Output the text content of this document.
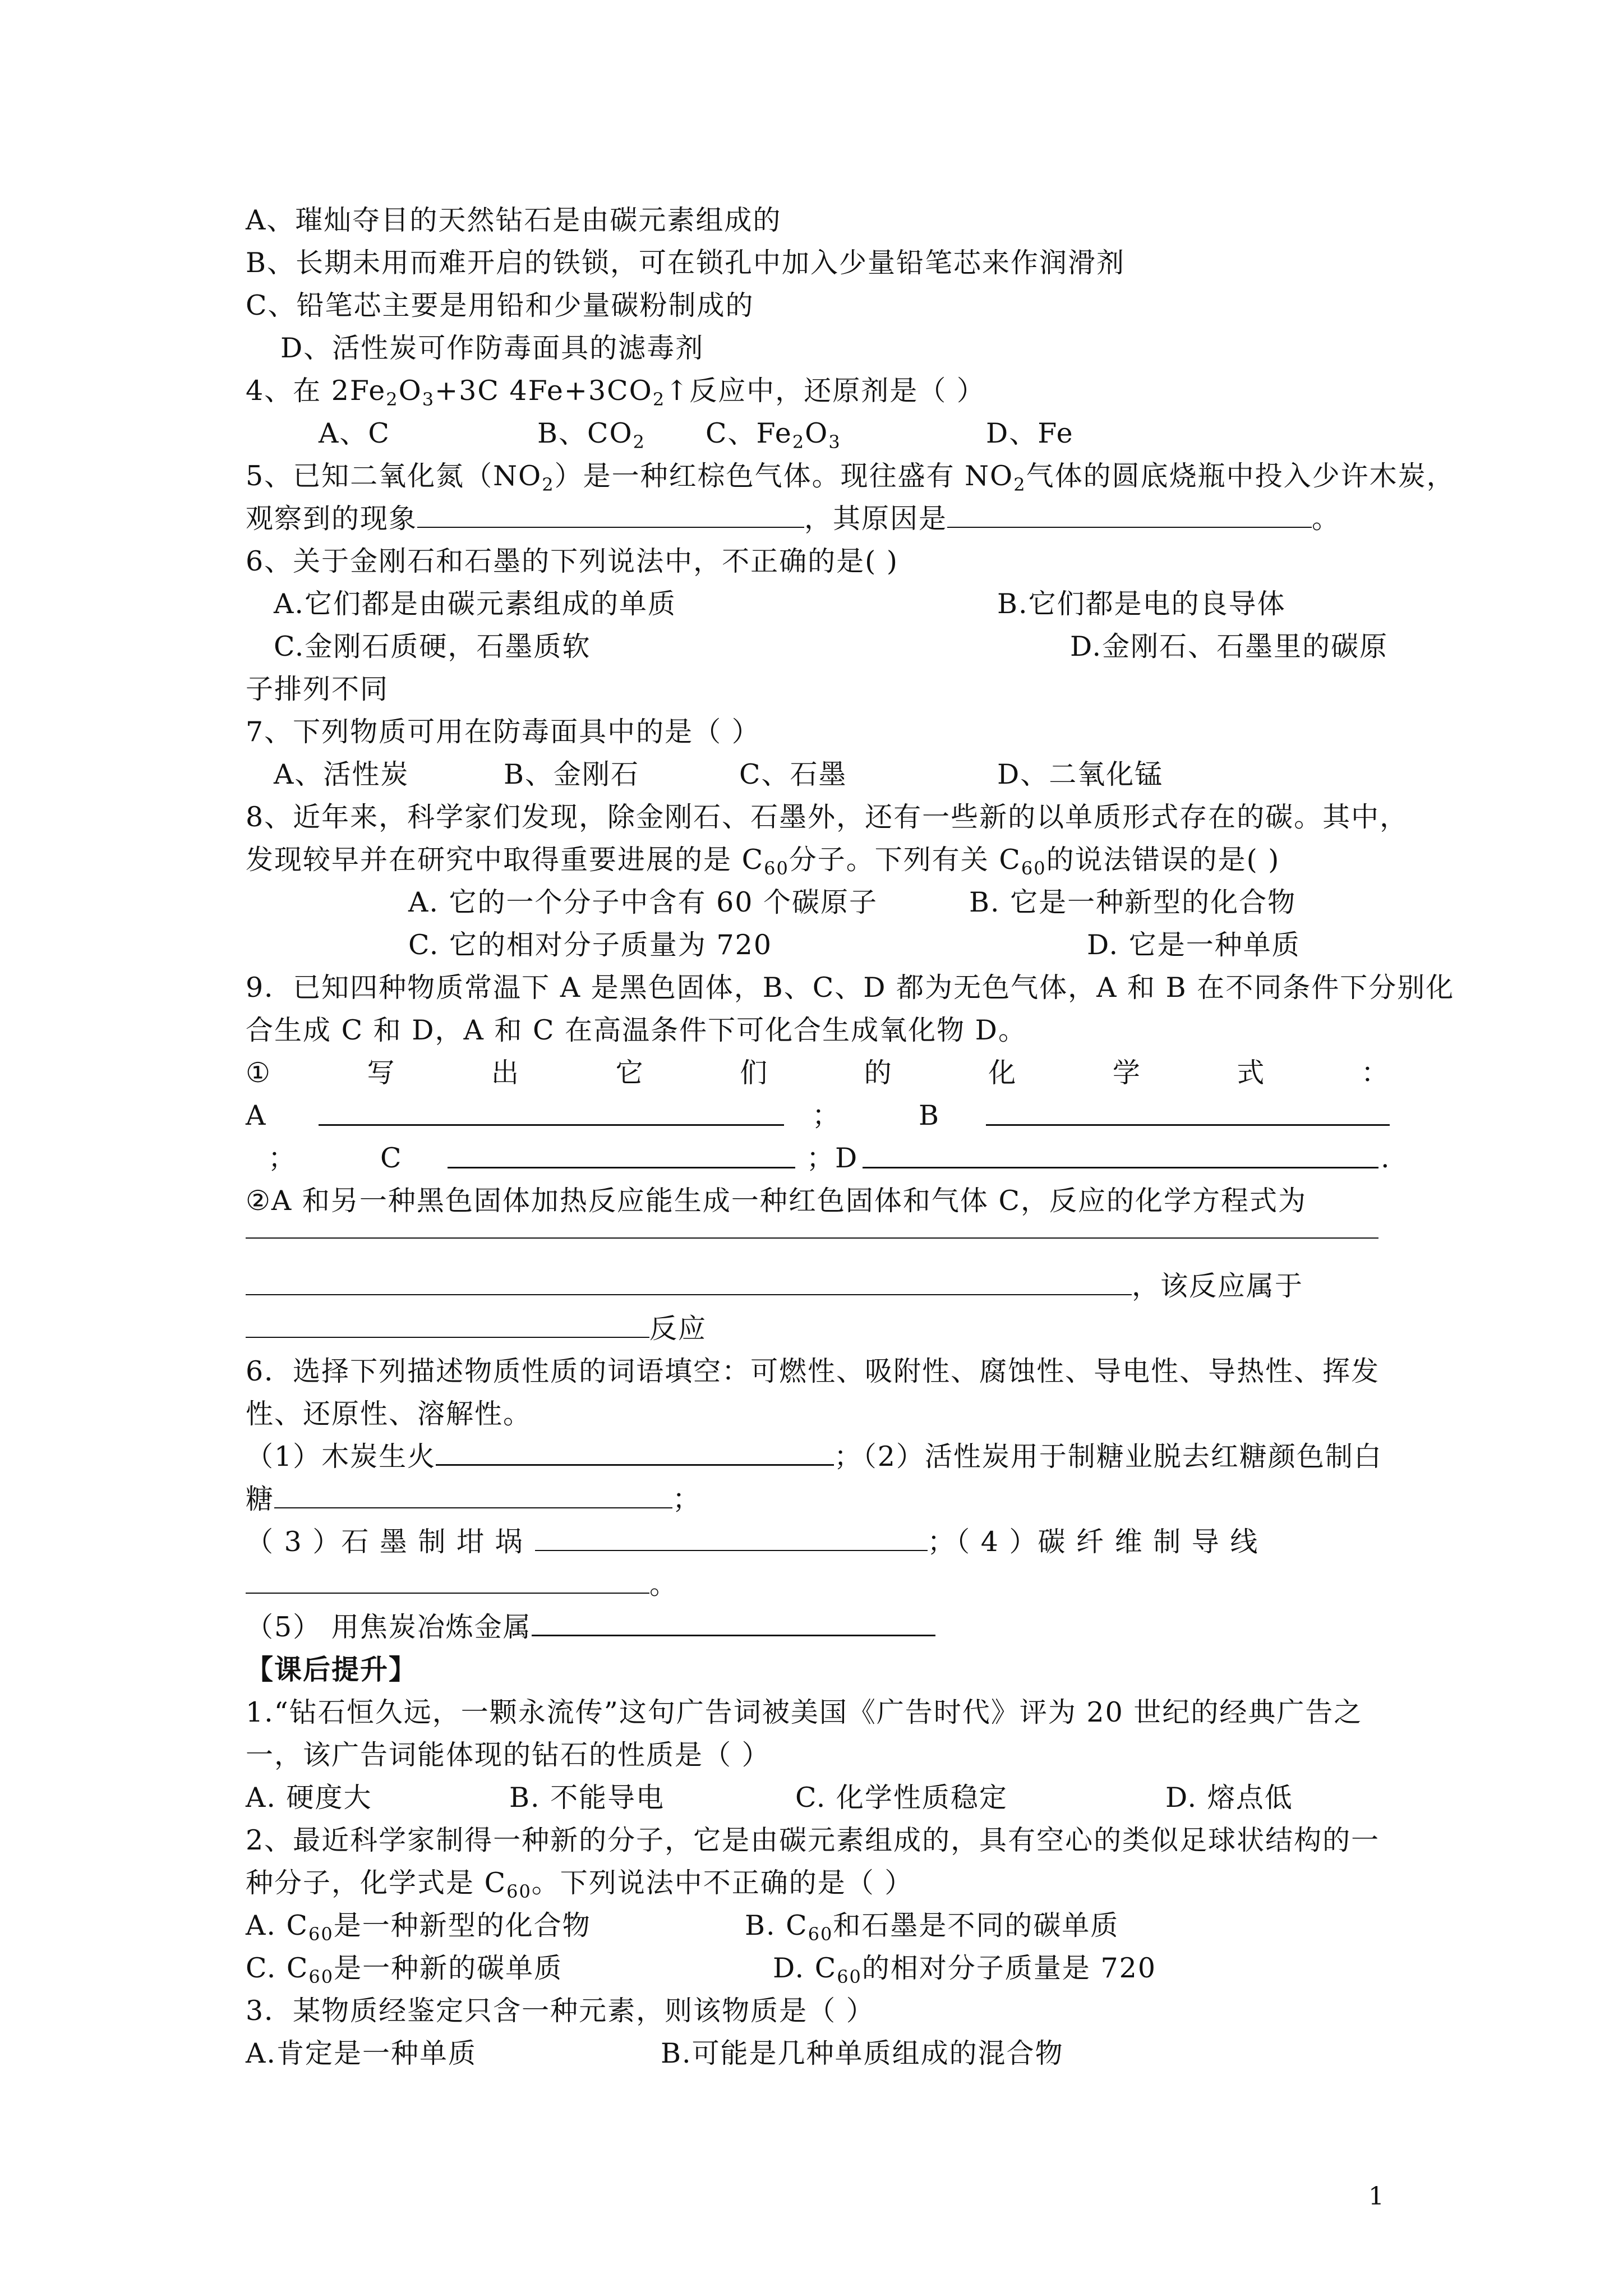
A、璀灿夺目的天然钻石是由碳元素组成的
B、长期未用而难开启的铁锁，可在锁孔中加入少量铅笔芯来作润滑剂
C、铅笔芯主要是用铅和少量碳粉制成的
D、活性炭可作防毒面具的滤毒剂
4、在 $2Fe_2O_3+3C$ $4Fe+3CO_2↑$反应中，还原剂是（ ）
A、C	B、$CO_2$ C、$Fe_2O_3$	D、Fe
5、已知二氧化氮$(NO_2)$是一种红棕色气体。现往盛有 $NO_2$气体的圆底烧瓶中投入少许木炭，
观察到的现象	，其原因是	。
6、关于金刚石和石墨的下列说法中，不正确的是( )
A.它们都是由碳元素组成的单质	B.它们都是电的良导体
C.金刚石质硬，石墨质软	D.金刚石、石墨里的碳原
子排列不同
7、下列物质可用在防毒面具中的是（ ）
A、活性炭	B、金刚石	C、石墨	D、二氧化锰
8、近年来，科学家们发现，除金刚石、石墨外，还有一些新的以单质形式存在的碳。其中，
发现较早并在研究中取得重要进展的是 $C_{60}$分子。下列有关 $C_{60}$的说法错误的是( )
A. 它的一个分子中含有 60 个碳原子	B. 它是一种新型的化合物
C. 它的相对分子质量为 720	D. 它是一种单质
9．已知四种物质常温下 A 是黑色固体，B、C、D 都为无色气体，A 和 B 在不同条件下分别化
合生成 C 和 D，A 和 C 在高温条件下可化合生成氧化物 D。
①	写	出	它	们	的	化	学	式	：
A	；	B
；	C	；D	.
②A 和另一种黑色固体加热反应能生成一种红色固体和气体 C，反应的化学方程式为
，该反应属于
反应
6．选择下列描述物质性质的词语填空：可燃性、吸附性、腐蚀性、导电性、导热性、挥发
性、还原性、溶解性。
（1）木炭生火	；（2）活性炭用于制糖业脱去红糖颜色制白
糖	；
（ 3 ）石 墨 制 坩 埚	；（ 4 ）碳 纤 维 制 导 线
。
（5） 用焦炭冶炼金属
【课后提升】
1.“钻石恒久远，一颗永流传”这句广告词被美国《广告时代》评为 20 世纪的经典广告之
一，该广告词能体现的钻石的性质是（ ）
A. 硬度大	B. 不能导电	C. 化学性质稳定	D. 熔点低
2、最近科学家制得一种新的分子，它是由碳元素组成的，具有空心的类似足球状结构的一
种分子，化学式是 $C_{60}$。下列说法中不正确的是（ ）
A. $C_{60}$是一种新型的化合物	B. $C_{60}$和石墨是不同的碳单质
C. $C_{60}$是一种新的碳单质	D. $C_{60}$的相对分子质量是 720
3．某物质经鉴定只含一种元素，则该物质是（ ）
A.肯定是一种单质	B.可能是几种单质组成的混合物
1
